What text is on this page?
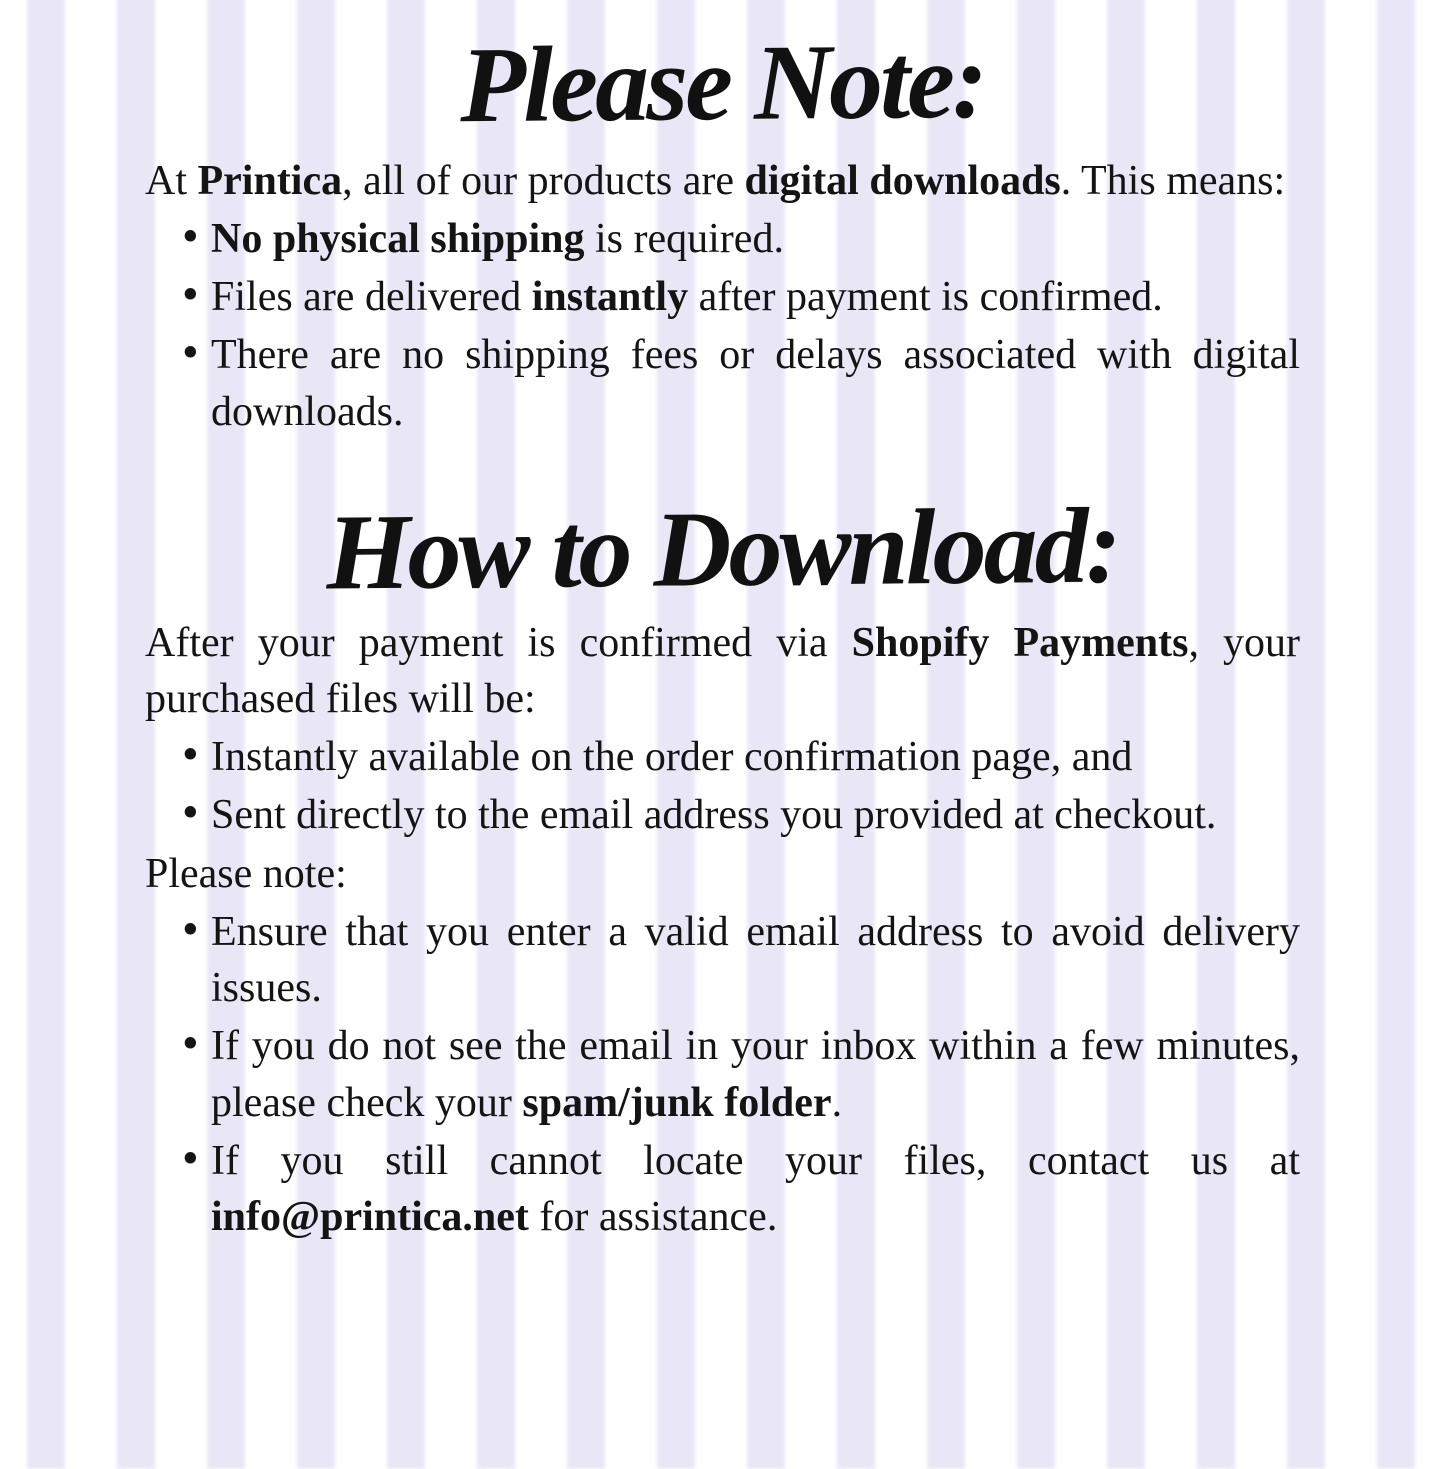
Please Note:

At Printica, all of our products are digital downloads. This means:

• No physical shipping is required.
• Files are delivered instantly after payment is confirmed.
• There are no shipping fees or delays associated with digital downloads.
How to Download:

After your payment is confirmed via Shopify Payments, your purchased files will be:

• Instantly available on the order confirmation page, and
• Sent directly to the email address you provided at checkout.

Please note:

• Ensure that you enter a valid email address to avoid delivery issues.
• If you do not see the email in your inbox within a few minutes, please check your spam/junk folder.
• If you still cannot locate your files, contact us at info@printica.net for assistance.
